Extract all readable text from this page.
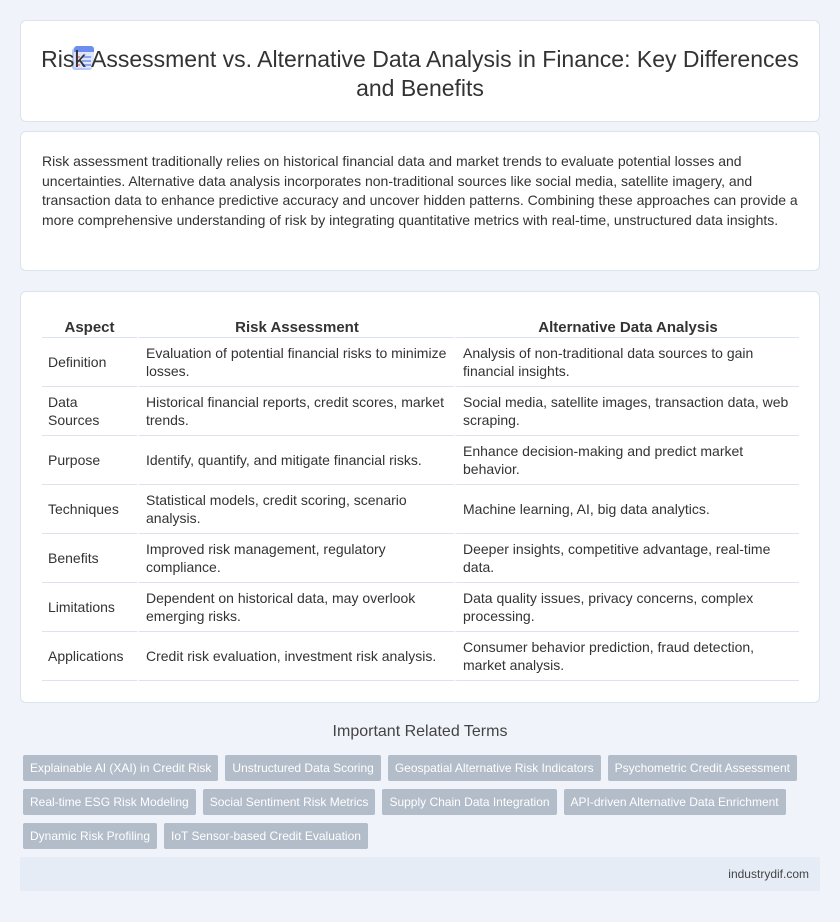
Risk Assessment vs. Alternative Data Analysis in Finance: Key Differences and Benefits

Risk assessment traditionally relies on historical financial data and market trends to evaluate potential losses and uncertainties. Alternative data analysis incorporates non-traditional sources like social media, satellite imagery, and transaction data to enhance predictive accuracy and uncover hidden patterns. Combining these approaches can provide a more comprehensive understanding of risk by integrating quantitative metrics with real-time, unstructured data insights.

Aspect	Risk Assessment	Alternative Data Analysis
Definition	Evaluation of potential financial risks to minimize losses.	Analysis of non-traditional data sources to gain financial insights.
Data Sources	Historical financial reports, credit scores, market trends.	Social media, satellite images, transaction data, web scraping.
Purpose	Identify, quantify, and mitigate financial risks.	Enhance decision-making and predict market behavior.
Techniques	Statistical models, credit scoring, scenario analysis.	Machine learning, AI, big data analytics.
Benefits	Improved risk management, regulatory compliance.	Deeper insights, competitive advantage, real-time data.
Limitations	Dependent on historical data, may overlook emerging risks.	Data quality issues, privacy concerns, complex processing.
Applications	Credit risk evaluation, investment risk analysis.	Consumer behavior prediction, fraud detection, market analysis.
Important Related Terms
Explainable AI (XAI) in Credit Risk	Unstructured Data Scoring	Geospatial Alternative Risk Indicators	Psychometric Credit Assessment
Real-time ESG Risk Modeling	Social Sentiment Risk Metrics	Supply Chain Data Integration	API-driven Alternative Data Enrichment
Dynamic Risk Profiling	IoT Sensor-based Credit Evaluation
industrydif.com
